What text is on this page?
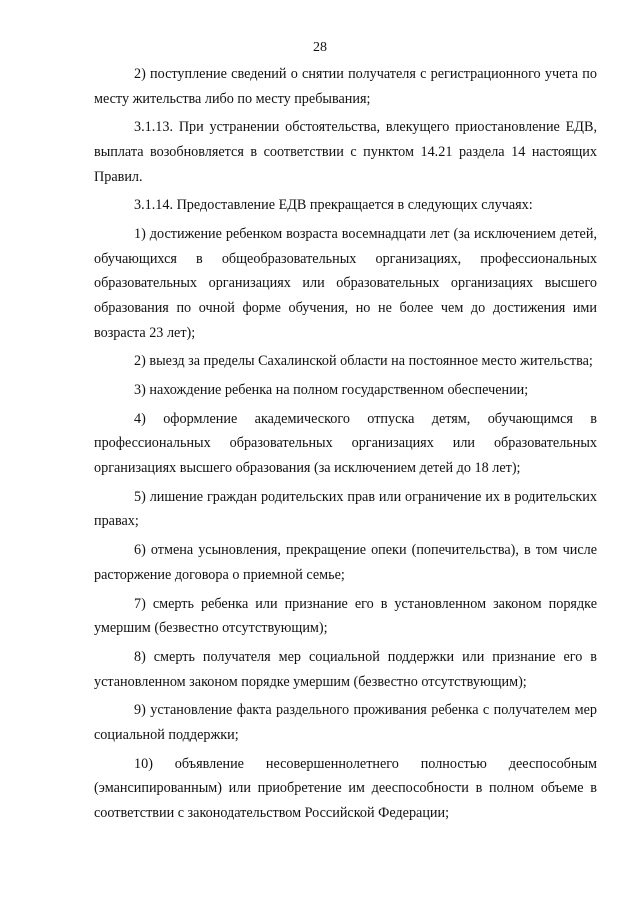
28

2) поступление сведений о снятии получателя с регистрационного учета по месту жительства либо по месту пребывания;

3.1.13. При устранении обстоятельства, влекущего приостановление ЕДВ, выплата возобновляется в соответствии с пунктом 14.21 раздела 14 настоящих Правил.

3.1.14. Предоставление ЕДВ прекращается в следующих случаях:

1) достижение ребенком возраста восемнадцати лет (за исключением детей, обучающихся в общеобразовательных организациях, профессиональных образовательных организациях или образовательных организациях высшего образования по очной форме обучения, но не более чем до достижения ими возраста 23 лет);

2) выезд за пределы Сахалинской области на постоянное место жительства;

3) нахождение ребенка на полном государственном обеспечении;

4) оформление академического отпуска детям, обучающимся в профессиональных образовательных организациях или образовательных организациях высшего образования (за исключением детей до 18 лет);

5) лишение граждан родительских прав или ограничение их в родительских правах;

6) отмена усыновления, прекращение опеки (попечительства), в том числе расторжение договора о приемной семье;

7) смерть ребенка или признание его в установленном законом порядке умершим (безвестно отсутствующим);

8) смерть получателя мер социальной поддержки или признание его в установленном законом порядке умершим (безвестно отсутствующим);

9) установление факта раздельного проживания ребенка с получателем мер социальной поддержки;

10) объявление несовершеннолетнего полностью дееспособным (эмансипированным) или приобретение им дееспособности в полном объеме в соответствии с законодательством Российской Федерации;
